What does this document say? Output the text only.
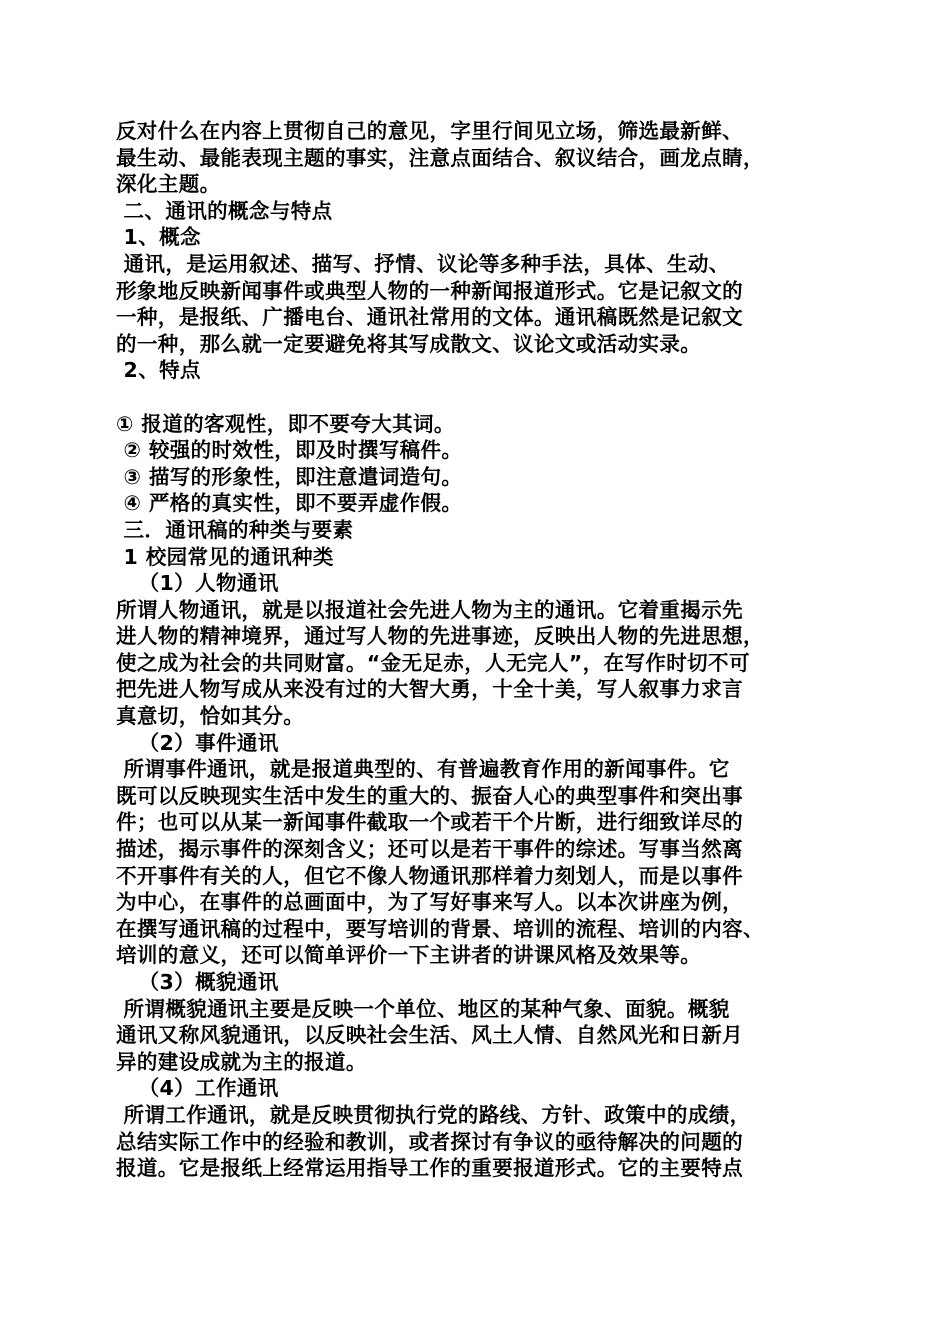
反对什么在内容上贯彻自己的意见，字里行间见立场，筛选最新鲜、
最生动、最能表现主题的事实，注意点面结合、叙议结合，画龙点睛，
深化主题。
二、通讯的概念与特点
1、概念
通讯，是运用叙述、描写、抒情、议论等多种手法，具体、生动、
形象地反映新闻事件或典型人物的一种新闻报道形式。它是记叙文的
一种，是报纸、广播电台、通讯社常用的文体。通讯稿既然是记叙文
的一种，那么就一定要避免将其写成散文、议论文或活动实录。
2、特点
① 报道的客观性，即不要夸大其词。
② 较强的时效性，即及时撰写稿件。
③ 描写的形象性，即注意遣词造句。
④ 严格的真实性，即不要弄虚作假。
三．通讯稿的种类与要素
1 校园常见的通讯种类
（1）人物通讯
所谓人物通讯，就是以报道社会先进人物为主的通讯。它着重揭示先
进人物的精神境界，通过写人物的先进事迹，反映出人物的先进思想，
使之成为社会的共同财富。“金无足赤，人无完人”，在写作时切不可
把先进人物写成从来没有过的大智大勇，十全十美，写人叙事力求言
真意切，恰如其分。
（2）事件通讯
所谓事件通讯，就是报道典型的、有普遍教育作用的新闻事件。它
既可以反映现实生活中发生的重大的、振奋人心的典型事件和突出事
件；也可以从某一新闻事件截取一个或若干个片断，进行细致详尽的
描述，揭示事件的深刻含义；还可以是若干事件的综述。写事当然离
不开事件有关的人，但它不像人物通讯那样着力刻划人，而是以事件
为中心，在事件的总画面中，为了写好事来写人。以本次讲座为例，
在撰写通讯稿的过程中，要写培训的背景、培训的流程、培训的内容、
培训的意义，还可以简单评价一下主讲者的讲课风格及效果等。
（3）概貌通讯
所谓概貌通讯主要是反映一个单位、地区的某种气象、面貌。概貌
通讯又称风貌通讯，以反映社会生活、风土人情、自然风光和日新月
异的建设成就为主的报道。
（4）工作通讯
所谓工作通讯，就是反映贯彻执行党的路线、方针、政策中的成绩，
总结实际工作中的经验和教训，或者探讨有争议的亟待解决的问题的
报道。它是报纸上经常运用指导工作的重要报道形式。它的主要特点
